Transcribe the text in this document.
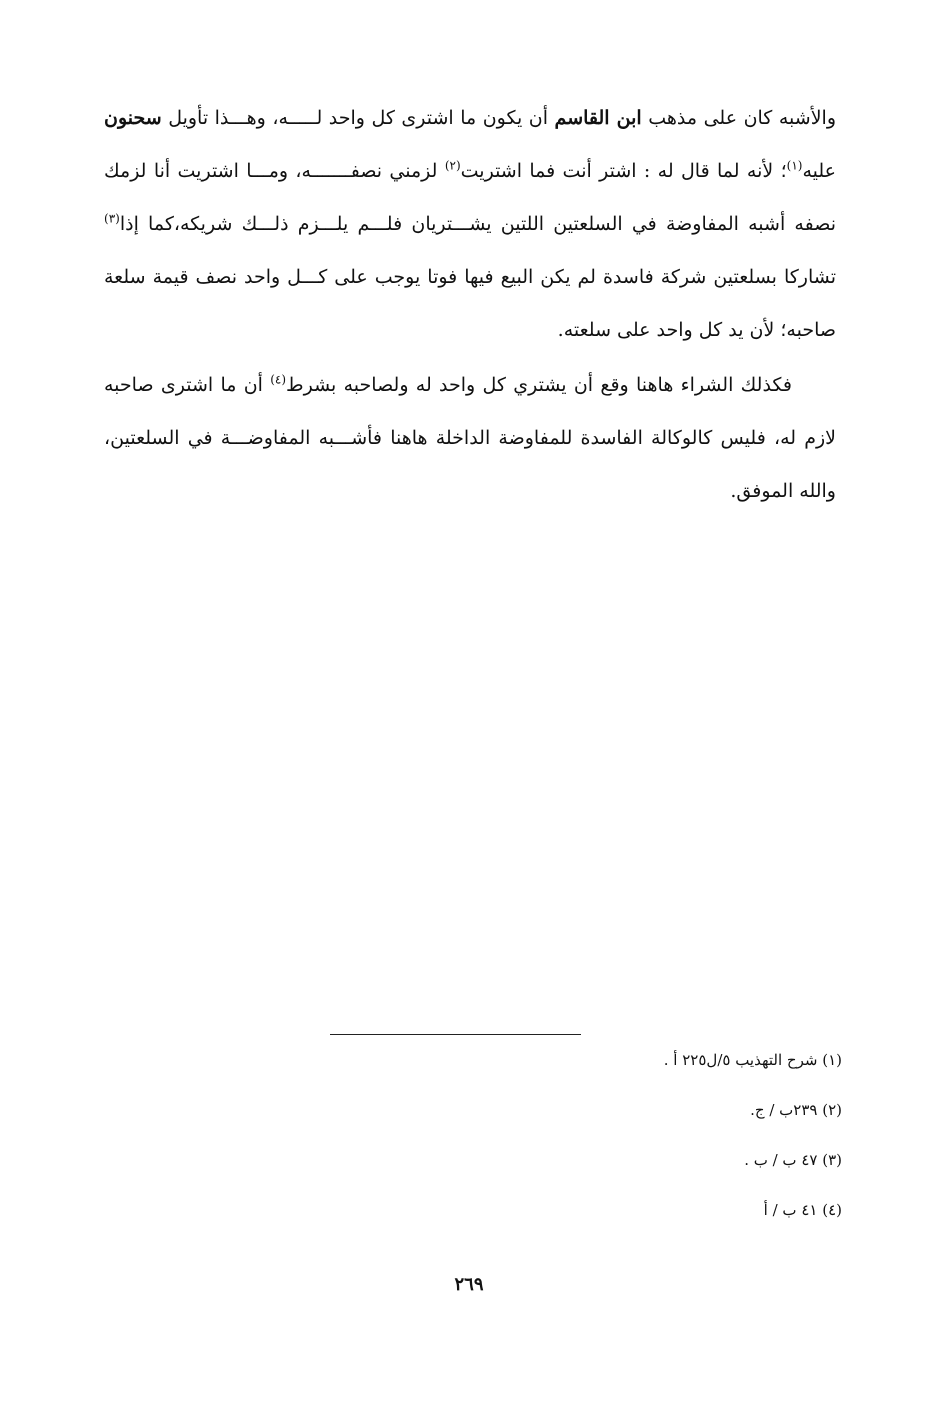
والأشبه كان على مذهب ابن القاسم أن يكون ما اشترى كل واحد لـــــه، وهـــذا تأويل سحنون عليه$^{(١)}$؛ لأنه لما قال له : اشتر أنت فما اشتريت$^{(٢)}$ لزمني نصفـــــــه، ومـــا اشتريت أنا لزمك نصفه أشبه المفاوضة في السلعتين اللتين يشـــتريان فلـــم يلـــزم ذلـــك شريكه،كما إذا$^{(٣)}$ تشاركا بسلعتين شركة فاسدة لم يكن البيع فيها فوتا يوجب على كـــل واحد نصف قيمة سلعة صاحبه؛ لأن يد كل واحد على سلعته.

فكذلك الشراء هاهنا وقع أن يشتري كل واحد له ولصاحبه بشرط$^{(٤)}$ أن ما اشترى صاحبه لازم له، فليس كالوكالة الفاسدة للمفاوضة الداخلة هاهنا فأشـــبه المفاوضـــة في السلعتين، والله الموفق.

(١) شرح التهذيب ٥/ل٢٢٥ أ .
(٢) ٢٣٩ب / ج.
(٣) ٤٧ ب / ب .
(٤) ٤١ ب / أ
٢٦٩
